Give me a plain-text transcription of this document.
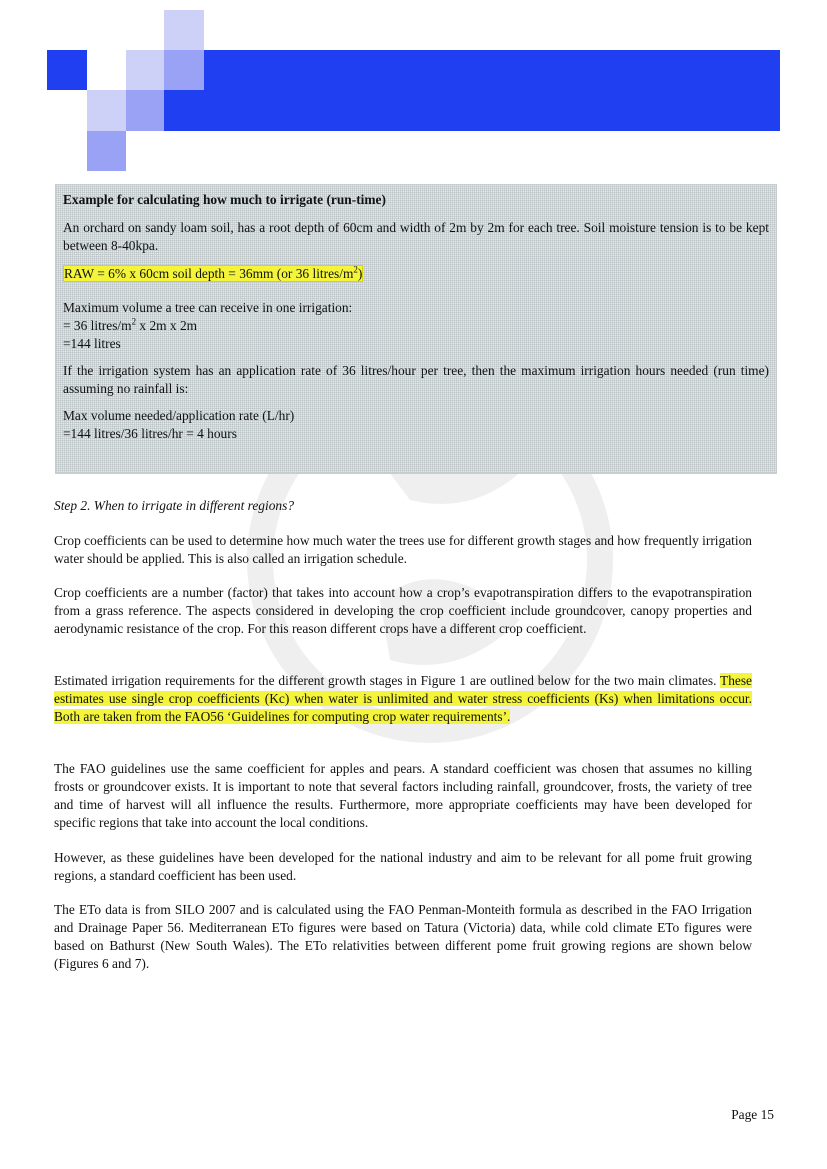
Example for calculating how much to irrigate (run-time)

An orchard on sandy loam soil, has a root depth of 60cm and width of 2m by 2m for each tree. Soil moisture tension is to be kept between 8-40kpa.

RAW = 6% x 60cm soil depth = 36mm (or 36 litres/$m^2$)

Maximum volume a tree can receive in one irrigation:

= 36 litres/$m^2$ x 2m x 2m

=144 litres

If the irrigation system has an application rate of 36 litres/hour per tree, then the maximum irrigation hours needed (run time) assuming no rainfall is:

Max volume needed/application rate (L/hr)

=144 litres/36 litres/hr = 4 hours

Step 2. When to irrigate in different regions?

Crop coefficients can be used to determine how much water the trees use for different growth stages and how frequently irrigation water should be applied. This is also called an irrigation schedule.

Crop coefficients are a number (factor) that takes into account how a crop’s evapotranspiration differs to the evapotranspiration from a grass reference. The aspects considered in developing the crop coefficient include groundcover, canopy properties and aerodynamic resistance of the crop. For this reason different crops have a different crop coefficient.

Estimated irrigation requirements for the different growth stages in Figure 1 are outlined below for the two main climates. These estimates use single crop coefficients (Kc) when water is unlimited and water stress coefficients (Ks) when limitations occur. Both are taken from the FAO56 ‘Guidelines for computing crop water requirements’.

The FAO guidelines use the same coefficient for apples and pears. A standard coefficient was chosen that assumes no killing frosts or groundcover exists. It is important to note that several factors including rainfall, groundcover, frosts, the variety of tree and time of harvest will all influence the results. Furthermore, more appropriate coefficients may have been developed for specific regions that take into account the local conditions.

However, as these guidelines have been developed for the national industry and aim to be relevant for all pome fruit growing regions, a standard coefficient has been used.

The ETo data is from SILO 2007 and is calculated using the FAO Penman-Monteith formula as described in the FAO Irrigation and Drainage Paper 56. Mediterranean ETo figures were based on Tatura (Victoria) data, while cold climate ETo figures were based on Bathurst (New South Wales). The ETo relativities between different pome fruit growing regions are shown below (Figures 6 and 7).

Page 15
